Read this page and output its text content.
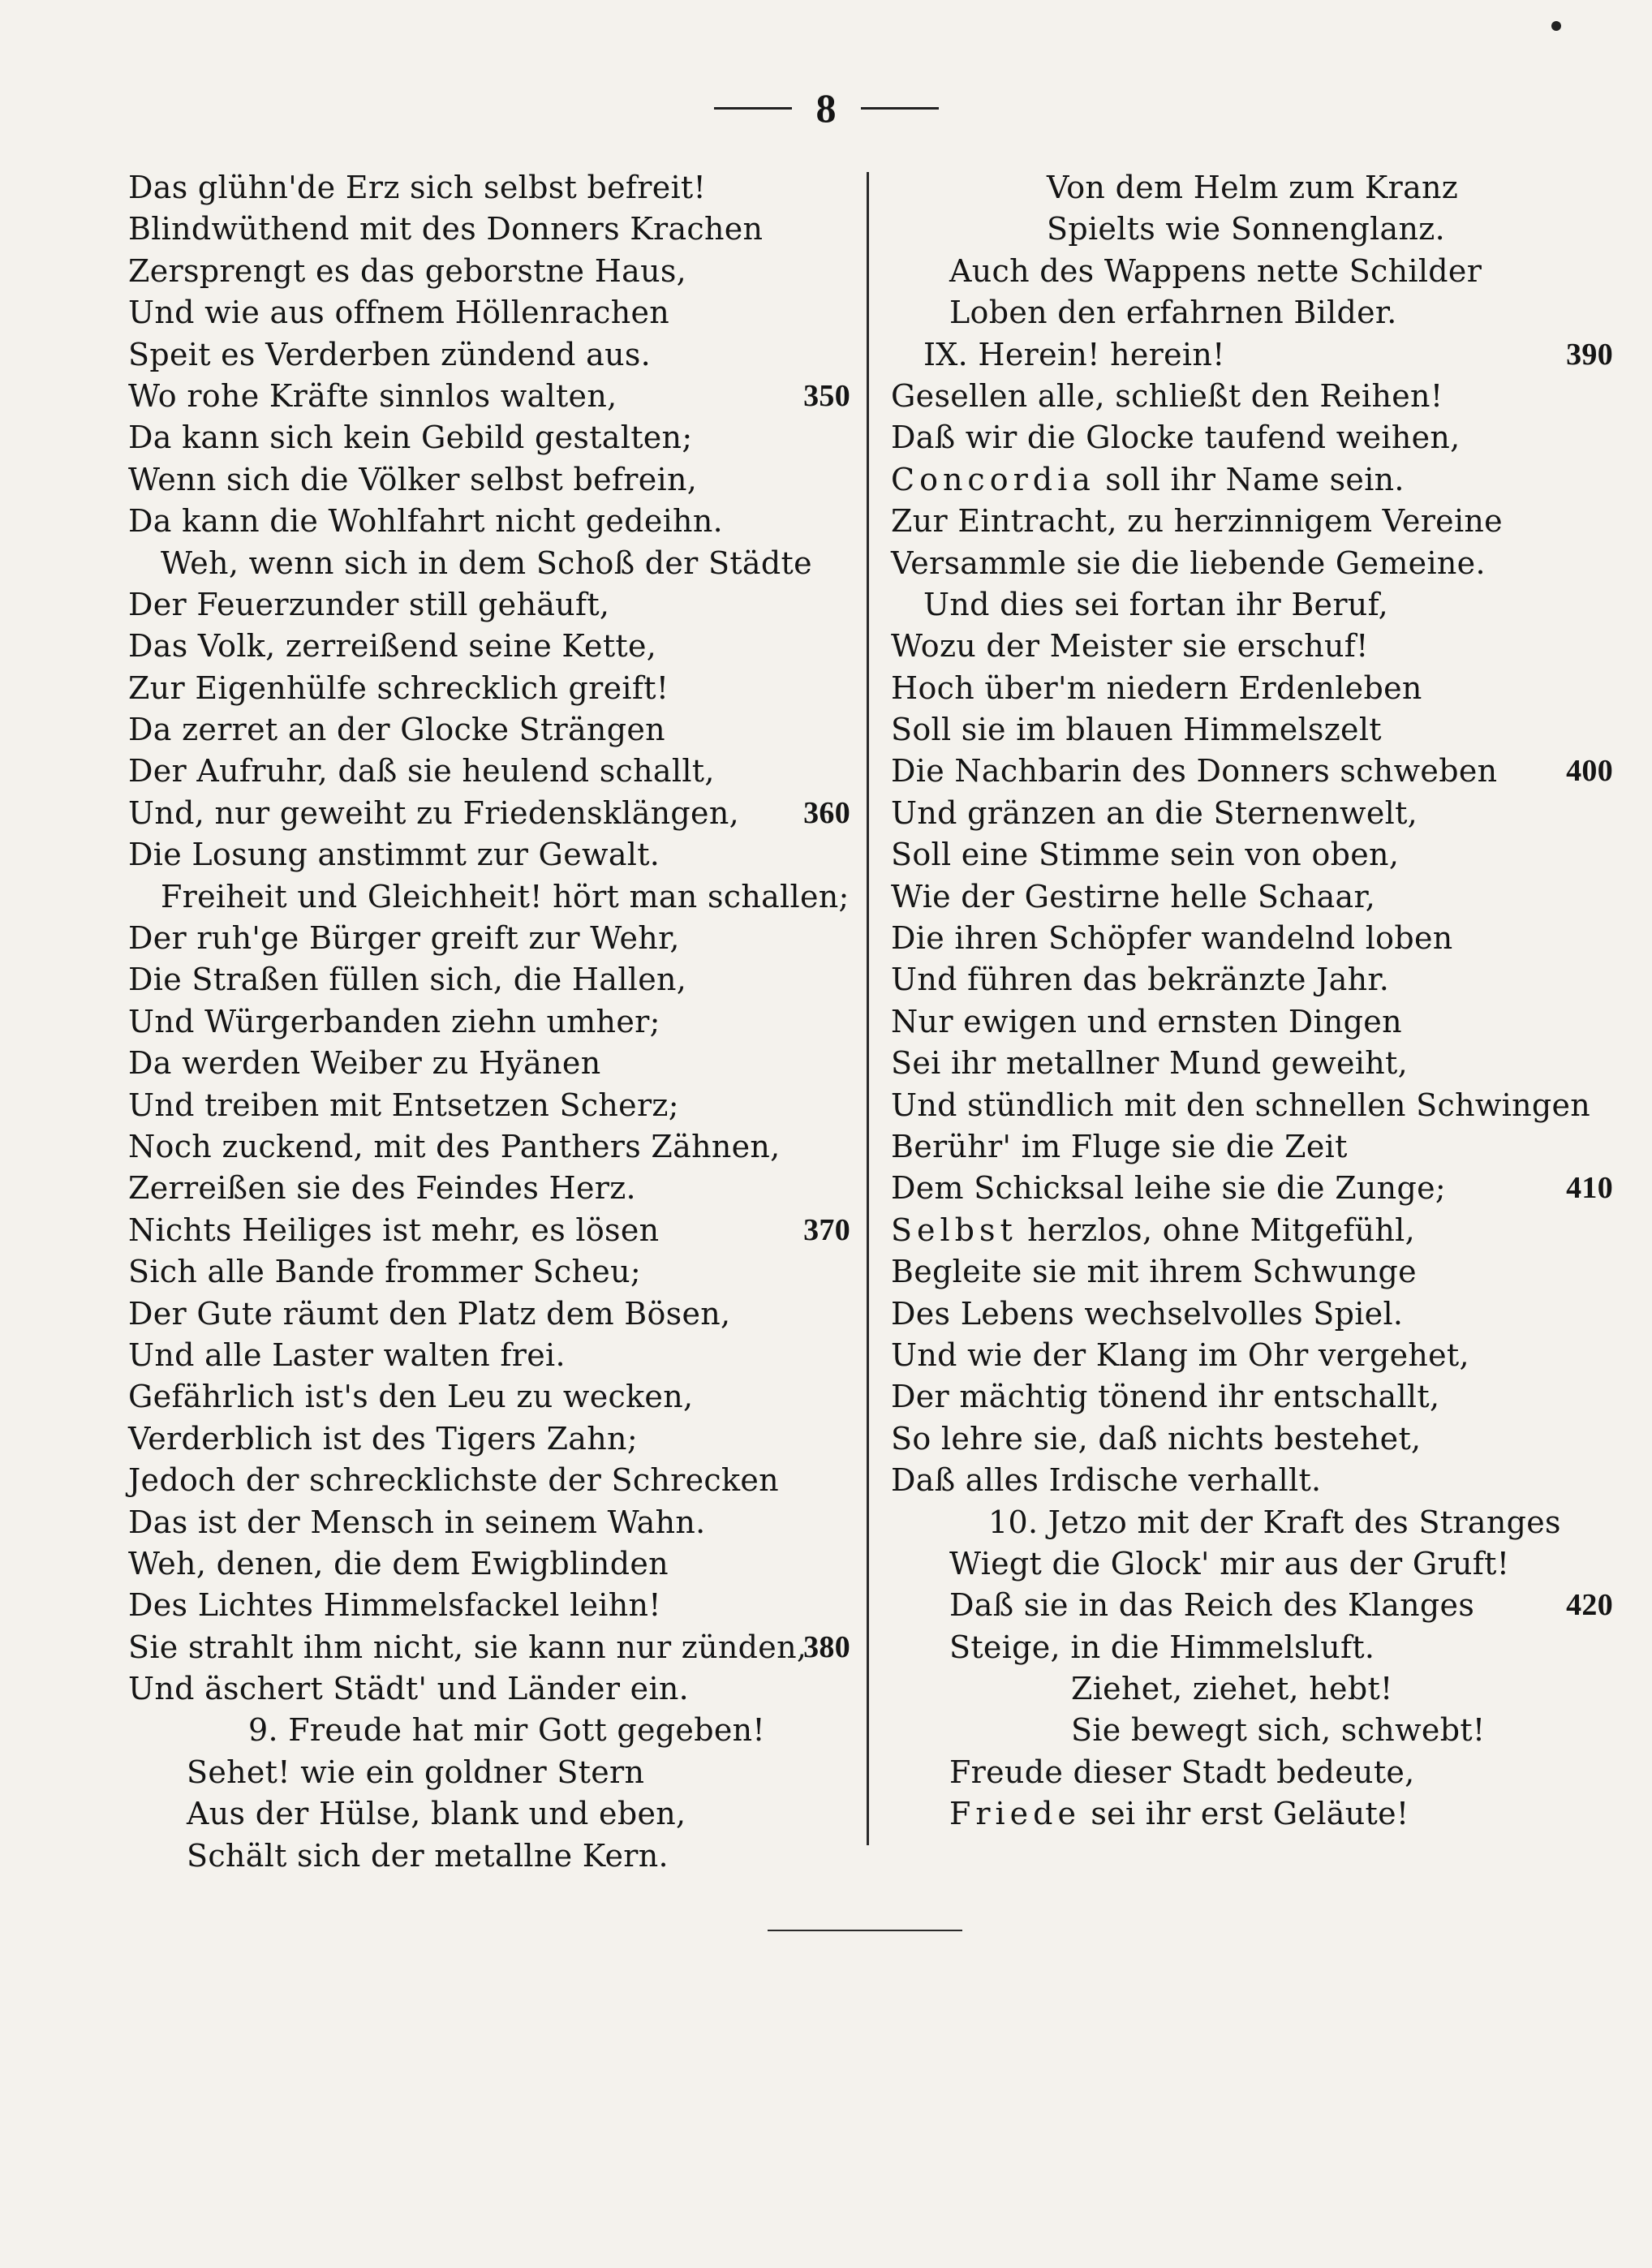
8
Das glühn'de Erz sich selbst befreit!
Blindwüthend mit des Donners Krachen
Zersprengt es das geborstne Haus,
Und wie aus offnem Höllenrachen
Speit es Verderben zündend aus.
Wo rohe Kräfte sinnlos walten,	350
Da kann sich kein Gebild gestalten;
Wenn sich die Völker selbst befrein,
Da kann die Wohlfahrt nicht gedeihn.
Weh, wenn sich in dem Schoß der Städte
Der Feuerzunder still gehäuft,
Das Volk, zerreißend seine Kette,
Zur Eigenhülfe schrecklich greift!
Da zerret an der Glocke Strängen
Der Aufruhr, daß sie heulend schallt,
Und, nur geweiht zu Friedensklängen, 360
Die Losung anstimmt zur Gewalt.
Freiheit und Gleichheit! hört man schallen;
Der ruh'ge Bürger greift zur Wehr,
Die Straßen füllen sich, die Hallen,
Und Würgerbanden ziehn umher;
Da werden Weiber zu Hyänen
Und treiben mit Entsetzen Scherz;
Noch zuckend, mit des Panthers Zähnen,
Zerreißen sie des Feindes Herz.
Nichts Heiliges ist mehr, es lösen	370
Sich alle Bande frommer Scheu;
Der Gute räumt den Platz dem Bösen,
Und alle Laster walten frei.
Gefährlich ist's den Leu zu wecken,
Verderblich ist des Tigers Zahn;
Jedoch der schrecklichste der Schrecken
Das ist der Mensch in seinem Wahn.
Weh, denen, die dem Ewigblinden
Des Lichtes Himmelsfackel leihn!
Sie strahlt ihm nicht, sie kann nur zünden,
380
Und äschert Städt' und Länder ein.
9. Freude hat mir Gott gegeben!
Sehet! wie ein goldner Stern
Aus der Hülse, blank und eben,
Schält sich der metallne Kern.
Von dem Helm zum Kranz
Spielts wie Sonnenglanz.
Auch des Wappens nette Schilder
Loben den erfahrnen Bilder.
IX. Herein! herein!	390
Gesellen alle, schließt den Reihen!
Daß wir die Glocke taufend weihen,
Concordia soll ihr Name sein.
Zur Eintracht, zu herzinnigem Vereine
Versammle sie die liebende Gemeine.
Und dies sei fortan ihr Beruf,
Wozu der Meister sie erschuf!
Hoch über'm niedern Erdenleben
Soll sie im blauen Himmelszelt
Die Nachbarin des Donners schweben 400
Und gränzen an die Sternenwelt,
Soll eine Stimme sein von oben,
Wie der Gestirne helle Schaar,
Die ihren Schöpfer wandelnd loben
Und führen das bekränzte Jahr.
Nur ewigen und ernsten Dingen
Sei ihr metallner Mund geweiht,
Und stündlich mit den schnellen Schwingen
Berühr' im Fluge sie die Zeit
Dem Schicksal leihe sie die Zunge;	410
Selbst herzlos, ohne Mitgefühl,
Begleite sie mit ihrem Schwunge
Des Lebens wechselvolles Spiel.
Und wie der Klang im Ohr vergehet,
Der mächtig tönend ihr entschallt,
So lehre sie, daß nichts bestehet,
Daß alles Irdische verhallt.
10. Jetzo mit der Kraft des Stranges
Wiegt die Glock' mir aus der Gruft!
Daß sie in das Reich des Klanges	420
Steige, in die Himmelsluft.
Ziehet, ziehet, hebt!
Sie bewegt sich, schwebt!
Freude dieser Stadt bedeute,
Friede sei ihr erst Geläute!
